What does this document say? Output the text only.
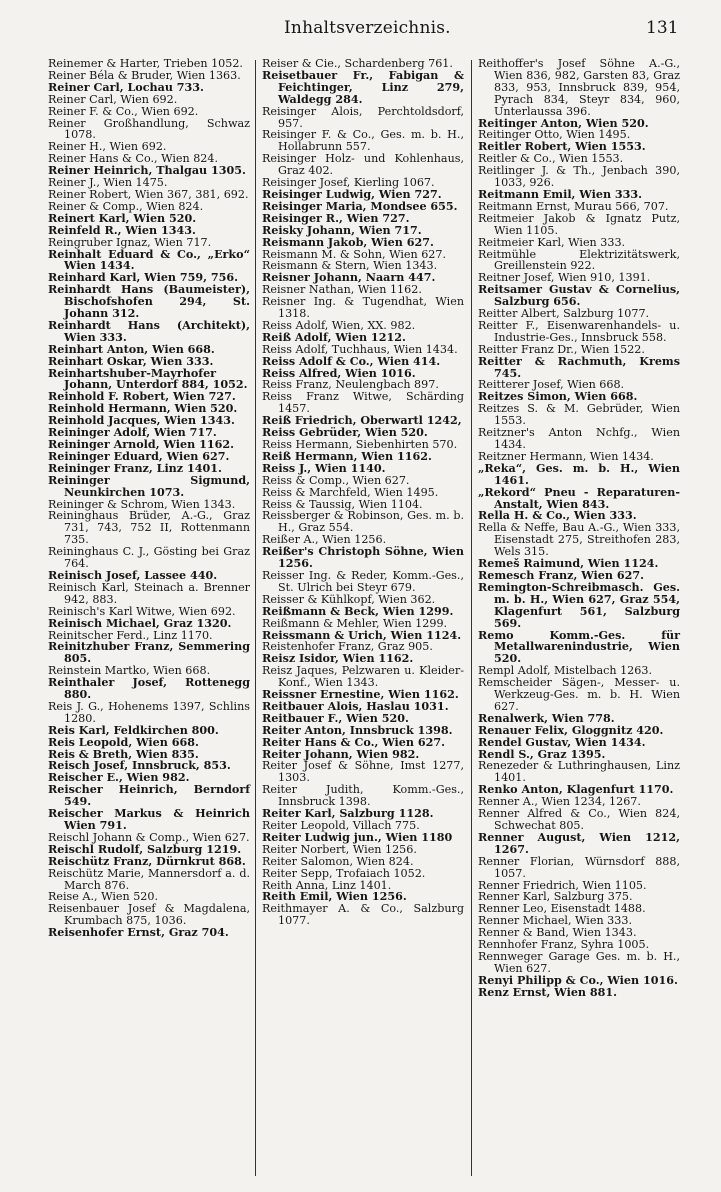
Inhaltsverzeichnis.	131

Reinemer & Harter, Trieben 1052.

Reiner Béla & Bruder, Wien 1363.

Reiner Carl, Lochau 733.

Reiner Carl, Wien 692.

Reiner F. & Co., Wien 692.

Reiner Großhandlung, Schwaz 1078.

Reiner H., Wien 692.

Reiner Hans & Co., Wien 824.

Reiner Heinrich, Thalgau 1305.

Reiner J., Wien 1475.

Reiner Robert, Wien 367, 381, 692.

Reiner & Comp., Wien 824.

Reinert Karl, Wien 520.

Reinfeld R., Wien 1343.

Reingruber Ignaz, Wien 717.

Reinhalt Eduard & Co., „Erko“ Wien 1434.

Reinhard Karl, Wien 759, 756.

Reinhardt Hans (Baumeister), Bischofshofen 294, St. Johann 312.

Reinhardt Hans (Architekt), Wien 333.

Reinhart Anton, Wien 668.

Reinhart Oskar, Wien 333.

Reinhartshuber-Mayrhofer Johann, Unterdorf 884, 1052.

Reinhold F. Robert, Wien 727.

Reinhold Hermann, Wien 520.

Reinhold Jacques, Wien 1343.

Reininger Adolf, Wien 717.

Reininger Arnold, Wien 1162.

Reininger Eduard, Wien 627.

Reininger Franz, Linz 1401.

Reininger Sigmund, Neunkirchen 1073.

Reininger & Schrom, Wien 1343.

Reininghaus Brüder, A.-G., Graz 731, 743, 752 II, Rottenmann 735.

Reininghaus C. J., Gösting bei Graz 764.

Reinisch Josef, Lassee 440.

Reinisch Karl, Steinach a. Brenner 942, 883.

Reinisch's Karl Witwe, Wien 692.

Reinisch Michael, Graz 1320.

Reinitscher Ferd., Linz 1170.

Reinitzhuber Franz, Semmering 805.

Reinstein Martko, Wien 668.

Reinthaler Josef, Rottenegg 880.

Reis J. G., Hohenems 1397, Schlins 1280.

Reis Karl, Feldkirchen 800.

Reis Leopold, Wien 668.

Reis & Breth, Wien 835.

Reisch Josef, Innsbruck, 853.

Reischer E., Wien 982.

Reischer Heinrich, Berndorf 549.

Reischer Markus & Heinrich Wien 791.

Reischl Johann & Comp., Wien 627.

Reischl Rudolf, Salzburg 1219.

Reischütz Franz, Dürnkrut 868.

Reischütz Marie, Mannersdorf a. d. March 876.

Reise A., Wien 520.

Reisenbauer Josef & Magdalena, Krumbach 875, 1036.

Reisenhofer Ernst, Graz 704.

Reiser & Cie., Schardenberg 761.

Reisetbauer Fr., Fabigan & Feichtinger, Linz 279, Waldegg 284.

Reisinger Alois, Perchtoldsdorf, 957.

Reisinger F. & Co., Ges. m. b. H., Hollabrunn 557.

Reisinger Holz- und Kohlenhaus, Graz 402.

Reisinger Josef, Kierling 1067.

Reisinger Ludwig, Wien 727.

Reisinger Maria, Mondsee 655.

Reisinger R., Wien 727.

Reisky Johann, Wien 717.

Reismann Jakob, Wien 627.

Reismann M. & Sohn, Wien 627.

Reismann & Stern, Wien 1343.

Reisner Johann, Naarn 447.

Reisner Nathan, Wien 1162.

Reisner Ing. & Tugendhat, Wien 1318.

Reiss Adolf, Wien, XX. 982.

Reiß Adolf, Wien 1212.

Reiss Adolf, Tuchhaus, Wien 1434.

Reiss Adolf & Co., Wien 414.

Reiss Alfred, Wien 1016.

Reiss Franz, Neulengbach 897.

Reiss Franz Witwe, Schärding 1457.

Reiß Friedrich, Oberwartl 1242,

Reiss Gebrüder, Wien 520.

Reiss Hermann, Siebenhirten 570.

Reiß Hermann, Wien 1162.

Reiss J., Wien 1140.

Reiss & Comp., Wien 627.

Reiss & Marchfeld, Wien 1495.

Reiss & Taussig, Wien 1104.

Reissberger & Robinson, Ges. m. b. H., Graz 554.

Reißer A., Wien 1256.

Reißer's Christoph Söhne, Wien 1256.

Reisser Ing. & Reder, Komm.-Ges., St. Ulrich bei Steyr 679.

Reisser & Kühlkopf, Wien 362.

Reißmann & Beck, Wien 1299.

Reißmann & Mehler, Wien 1299.

Reissmann & Urich, Wien 1124.

Reistenhofer Franz, Graz 905.

Reisz Isidor, Wien 1162.

Reisz Jaques, Pelzwaren u. Kleider-Konf., Wien 1343.

Reissner Ernestine, Wien 1162.

Reitbauer Alois, Haslau 1031.

Reitbauer F., Wien 520.

Reiter Anton, Innsbruck 1398.

Reiter Hans & Co., Wien 627.

Reiter Johann, Wien 982.

Reiter Josef & Söhne, Imst 1277, 1303.

Reiter Judith, Komm.-Ges., Innsbruck 1398.

Reiter Karl, Salzburg 1128.

Reiter Leopold, Villach 775.

Reiter Ludwig jun., Wien 1180

Reiter Norbert, Wien 1256.

Reiter Salomon, Wien 824.

Reiter Sepp, Trofaiach 1052.

Reith Anna, Linz 1401.

Reith Emil, Wien 1256.

Reithmayer A. & Co., Salzburg 1077.

Reithoffer's Josef Söhne A.-G., Wien 836, 982, Garsten 83, Graz 833, 953, Innsbruck 839, 954, Pyrach 834, Steyr 834, 960, Unterlaussa 396.

Reitinger Anton, Wien 520.

Reitinger Otto, Wien 1495.

Reitler Robert, Wien 1553.

Reitler & Co., Wien 1553.

Reitlinger J. & Th., Jenbach 390, 1033, 926.

Reitmann Emil, Wien 333.

Reitmann Ernst, Murau 566, 707.

Reitmeier Jakob & Ignatz Putz, Wien 1105.

Reitmeier Karl, Wien 333.

Reitmühle Elektrizitätswerk, Greillenstein 922.

Reitner Josef, Wien 910, 1391.

Reitsamer Gustav & Cornelius, Salzburg 656.

Reitter Albert, Salzburg 1077.

Reitter F., Eisenwarenhandels- u. Industrie-Ges., Innsbruck 558.

Reitter Franz Dr., Wien 1522.

Reitter & Rachmuth, Krems 745.

Reitterer Josef, Wien 668.

Reitzes Simon, Wien 668.

Reitzes S. & M. Gebrüder, Wien 1553.

Reitzner's Anton Nchfg., Wien 1434.

Reitzner Hermann, Wien 1434.

„Reka“, Ges. m. b. H., Wien 1461.

„Rekord“ Pneu - Reparaturen-Anstalt, Wien 843.

Rella H. & Co., Wien 333.

Rella & Neffe, Bau A.-G., Wien 333, Eisenstadt 275, Streithofen 283, Wels 315.

Remeš Raimund, Wien 1124.

Remesch Franz, Wien 627.

Remington-Schreibmasch. Ges. m. b. H., Wien 627, Graz 554, Klagenfurt 561, Salzburg 569.

Remo Komm.-Ges. für Metallwarenindustrie, Wien 520.

Rempl Adolf, Mistelbach 1263.

Remscheider Sägen-, Messer- u. Werkzeug-Ges. m. b. H. Wien 627.

Renalwerk, Wien 778.

Renauer Felix, Gloggnitz 420.

Rendel Gustav, Wien 1434.

Rendl S., Graz 1395.

Renezeder & Luthringhausen, Linz 1401.

Renko Anton, Klagenfurt 1170.

Renner A., Wien 1234, 1267.

Renner Alfred & Co., Wien 824, Schwechat 805.

Renner August, Wien 1212, 1267.

Renner Florian, Würnsdorf 888, 1057.

Renner Friedrich, Wien 1105.

Renner Karl, Salzburg 375.

Renner Leo, Eisenstadt 1488.

Renner Michael, Wien 333.

Renner & Band, Wien 1343.

Rennhofer Franz, Syhra 1005.

Rennweger Garage Ges. m. b. H., Wien 627.

Renyi Philipp & Co., Wien 1016.

Renz Ernst, Wien 881.
